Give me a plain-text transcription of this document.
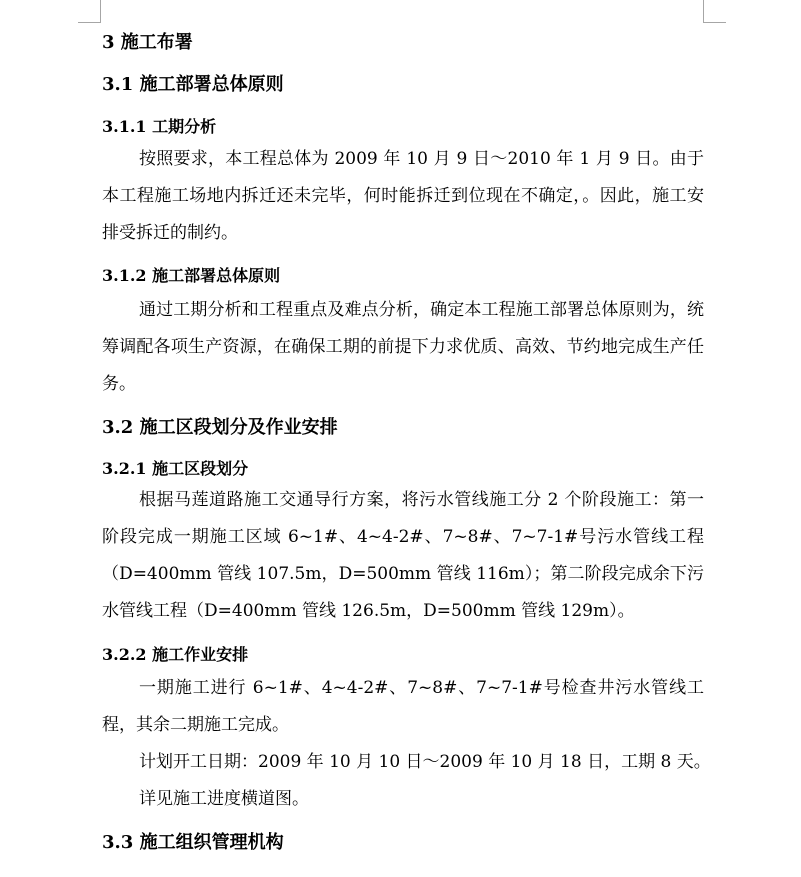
3 施工布署
3.1 施工部署总体原则
3.1.1 工期分析

按照要求，本工程总体为 2009 年 10 月 9 日～2010 年 1 月 9 日。由于本工程施工场地内拆迁还未完毕，何时能拆迁到位现在不确定，。因此，施工安排受拆迁的制约。

3.1.2 施工部署总体原则

通过工期分析和工程重点及难点分析，确定本工程施工部署总体原则为，统筹调配各项生产资源，在确保工期的前提下力求优质、高效、节约地完成生产任务。

3.2 施工区段划分及作业安排
3.2.1 施工区段划分

根据马莲道路施工交通导行方案，将污水管线施工分 2 个阶段施工：第一阶段完成一期施工区域 6~1#、4~4-2#、7~8#、7~7-1#号污水管线工程（D=400mm 管线 107.5m，D=500mm 管线 116m）；第二阶段完成余下污水管线工程（D=400mm 管线 126.5m，D=500mm 管线 129m）。

3.2.2 施工作业安排

一期施工进行 6~1#、4~4-2#、7~8#、7~7-1#号检查井污水管线工程，其余二期施工完成。

计划开工日期：2009 年 10 月 10 日～2009 年 10 月 18 日，工期 8 天。

详见施工进度横道图。

3.3 施工组织管理机构
